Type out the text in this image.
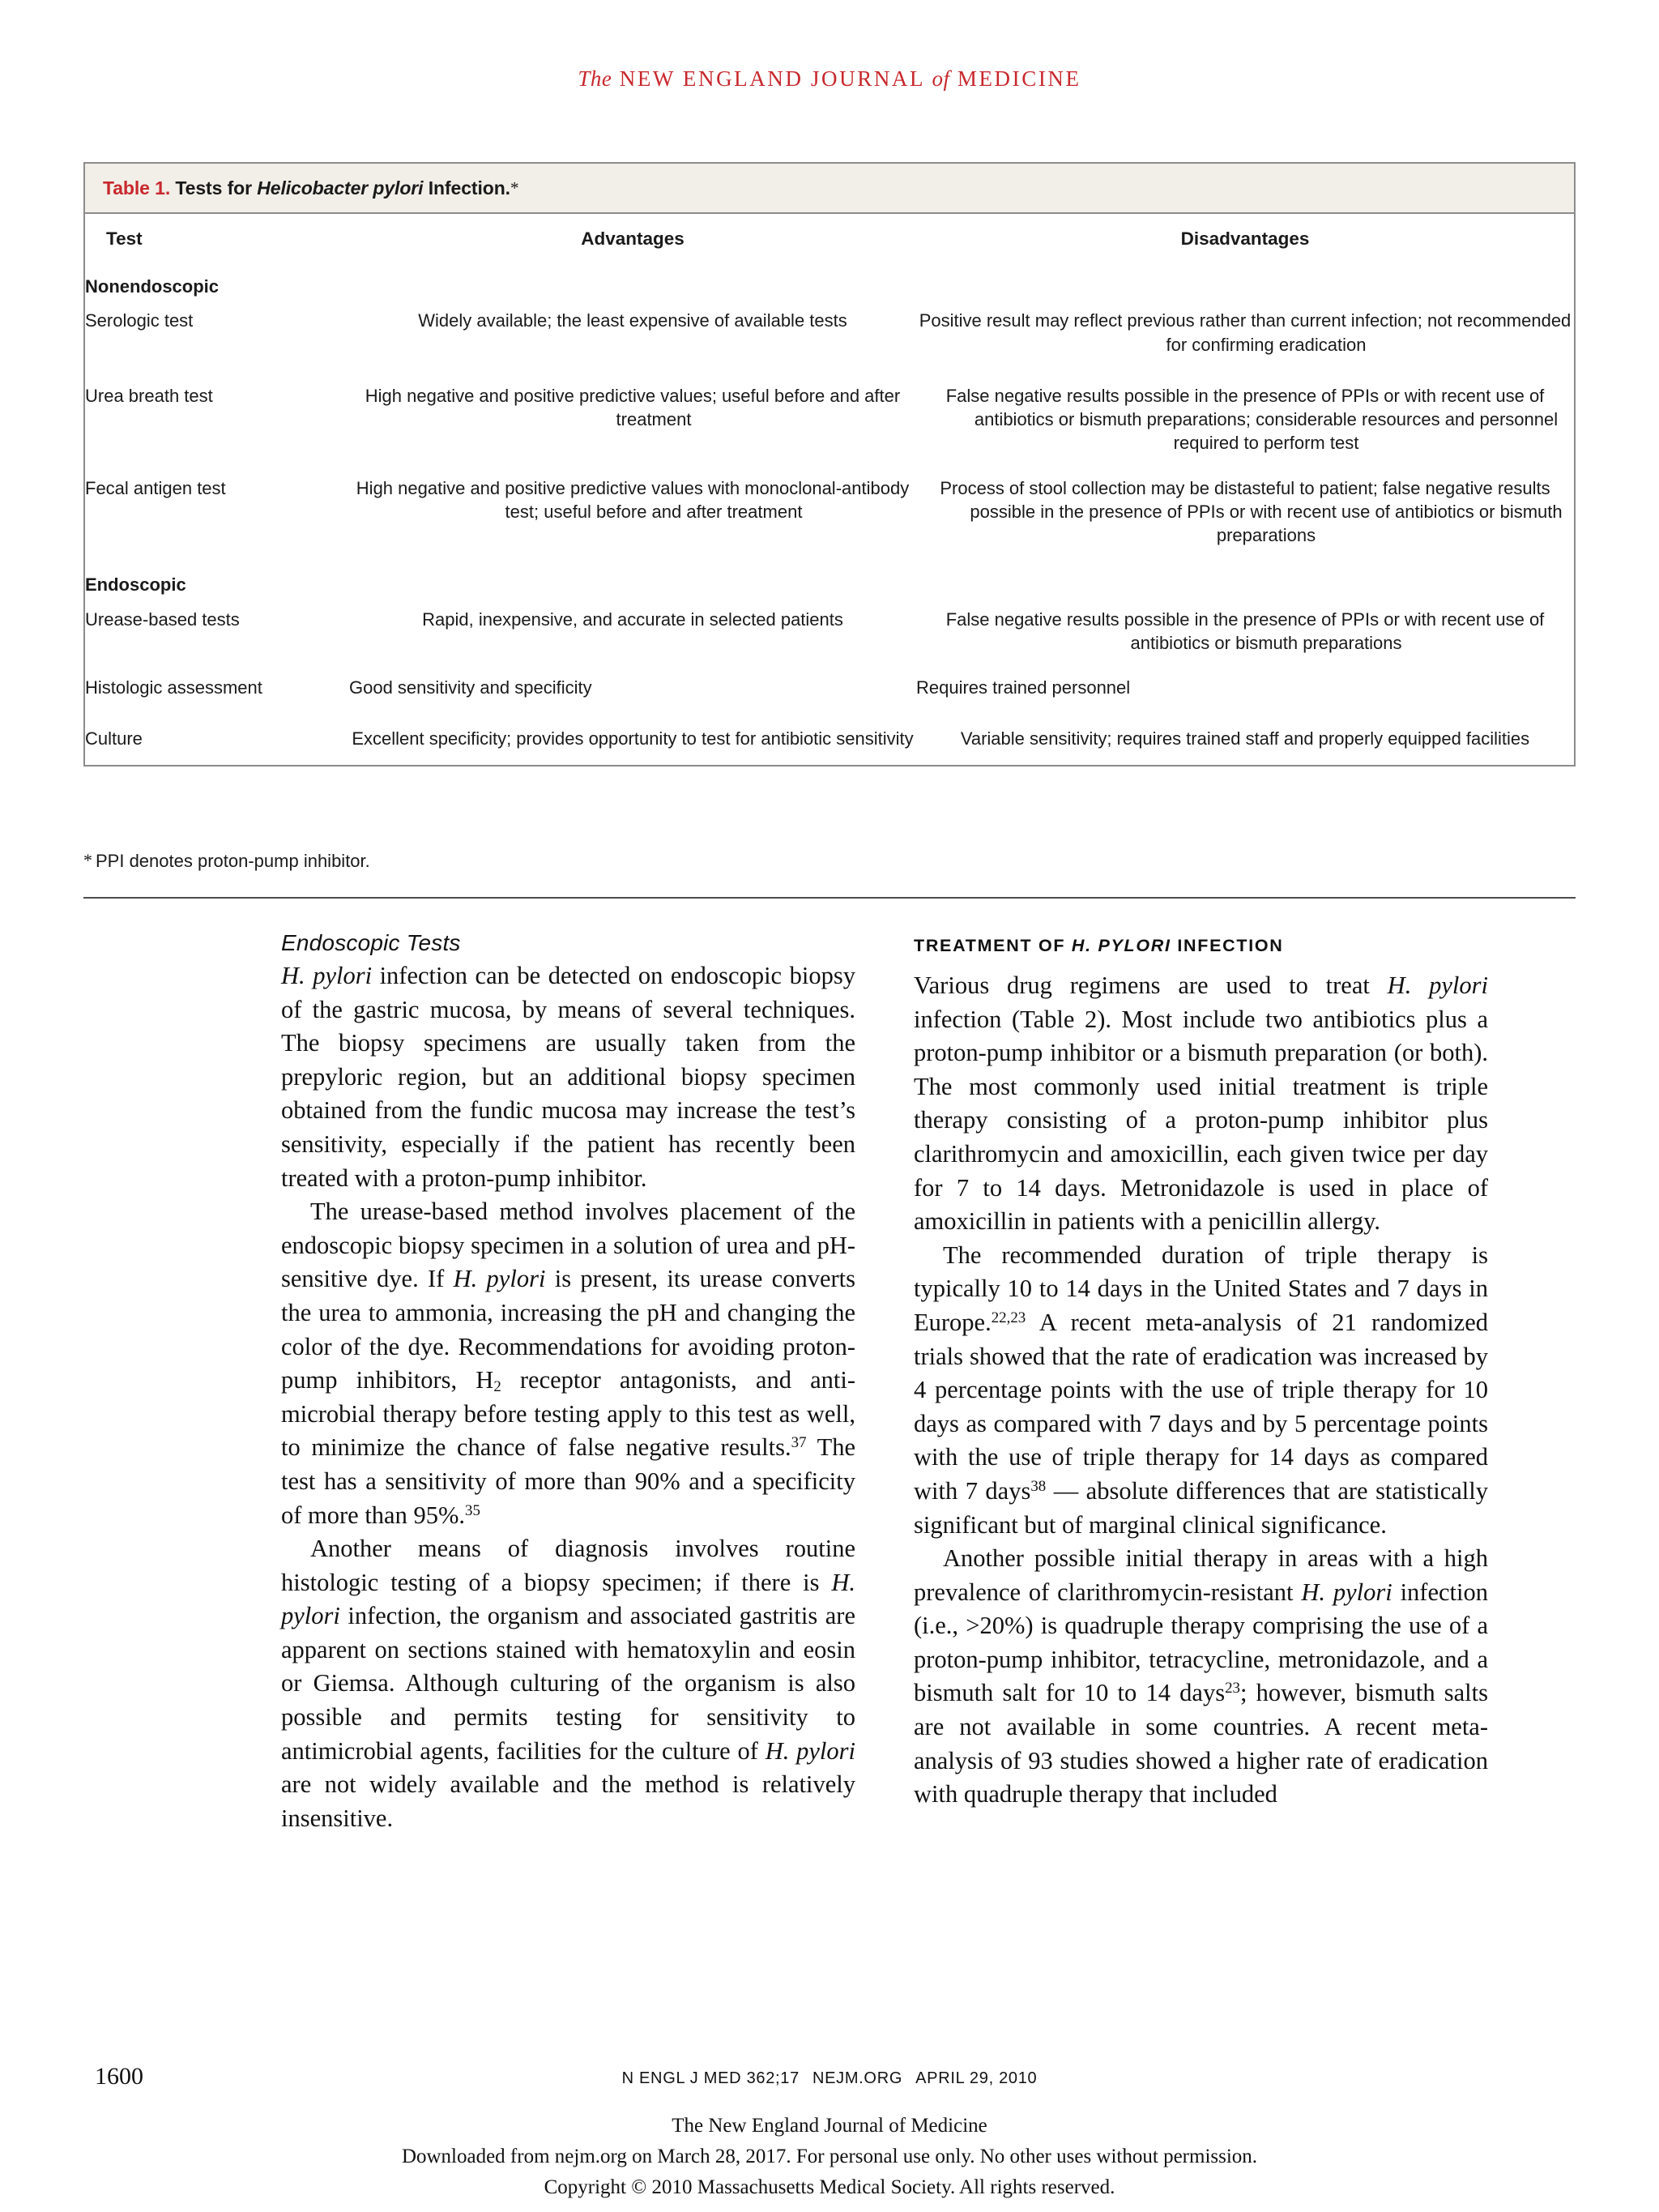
The NEW ENGLAND JOURNAL of MEDICINE
Table 1. Tests for Helicobacter pylori Infection.*
Test	Advantages	Disadvantages
Nonendoscopic		
Serologic test	Widely available; the least expensive of available tests	Positive result may reflect previous rather than current infection; not recommended for confirming eradication

Urea breath test	High negative and positive predictive values; useful before and after treatment	False negative results possible in the presence of PPIs or with recent use of antibiotics or bismuth preparations; considerable resources and personnel required to perform test

Fecal antigen test	High negative and positive predictive values with monoclonal-antibody test; useful before and after treatment	Process of stool collection may be distasteful to patient; false negative results possible in the presence of PPIs or with recent use of antibiotics or bismuth preparations

Endoscopic		
Urease-based tests	Rapid, inexpensive, and accurate in selected patients	False negative results possible in the presence of PPIs or with recent use of antibiotics or bismuth preparations

Histologic assessment	Good sensitivity and specificity	Requires trained personnel

Culture	Excellent specificity; provides opportunity to test for antibiotic sensitivity	Variable sensitivity; requires trained staff and properly equipped facilities
* PPI denotes proton-pump inhibitor.
Endoscopic Tests

H. pylori infection can be detected on endoscopic biopsy of the gastric mucosa, by means of several techniques. The biopsy specimens are usually taken from the prepyloric region, but an additional biopsy specimen obtained from the fundic mucosa may increase the test’s sensitivity, especially if the patient has recently been treated with a proton-pump inhibitor.

The urease-based method involves placement of the endoscopic biopsy specimen in a solution of urea and pH-sensitive dye. If H. pylori is present, its urease converts the urea to ammonia, increasing the pH and changing the color of the dye. Recommendations for avoiding proton-pump inhibitors, $H_2$ receptor antagonists, and antimicrobial therapy before testing apply to this test as well, to minimize the chance of false negative results.$^{37}$ The test has a sensitivity of more than 90% and a specificity of more than 95%.$^{35}$

Another means of diagnosis involves routine histologic testing of a biopsy specimen; if there is H. pylori infection, the organism and associated gastritis are apparent on sections stained with hematoxylin and eosin or Giemsa. Although culturing of the organism is also possible and permits testing for sensitivity to antimicrobial agents, facilities for the culture of H. pylori are not widely available and the method is relatively insensitive.

TREATMENT OF H. PYLORI INFECTION

Various drug regimens are used to treat H. pylori infection (Table 2). Most include two antibiotics plus a proton-pump inhibitor or a bismuth preparation (or both). The most commonly used initial treatment is triple therapy consisting of a proton-pump inhibitor plus clarithromycin and amoxicillin, each given twice per day for 7 to 14 days. Metronidazole is used in place of amoxicillin in patients with a penicillin allergy.

The recommended duration of triple therapy is typically 10 to 14 days in the United States and 7 days in Europe.$^{22,23}$ A recent meta-analysis of 21 randomized trials showed that the rate of eradication was increased by 4 percentage points with the use of triple therapy for 10 days as compared with 7 days and by 5 percentage points with the use of triple therapy for 14 days as compared with 7 days$^{38}$ — absolute differences that are statistically significant but of marginal clinical significance.

Another possible initial therapy in areas with a high prevalence of clarithromycin-resistant H. pylori infection (i.e., >20%) is quadruple therapy comprising the use of a proton-pump inhibitor, tetracycline, metronidazole, and a bismuth salt for 10 to 14 days$^{23}$; however, bismuth salts are not available in some countries. A recent meta-analysis of 93 studies showed a higher rate of eradication with quadruple therapy that included

1600	N ENGL J MED 362;17 NEJM.ORG APRIL 29, 2010
The New England Journal of Medicine
Downloaded from nejm.org on March 28, 2017. For personal use only. No other uses without permission.
Copyright © 2010 Massachusetts Medical Society. All rights reserved.
